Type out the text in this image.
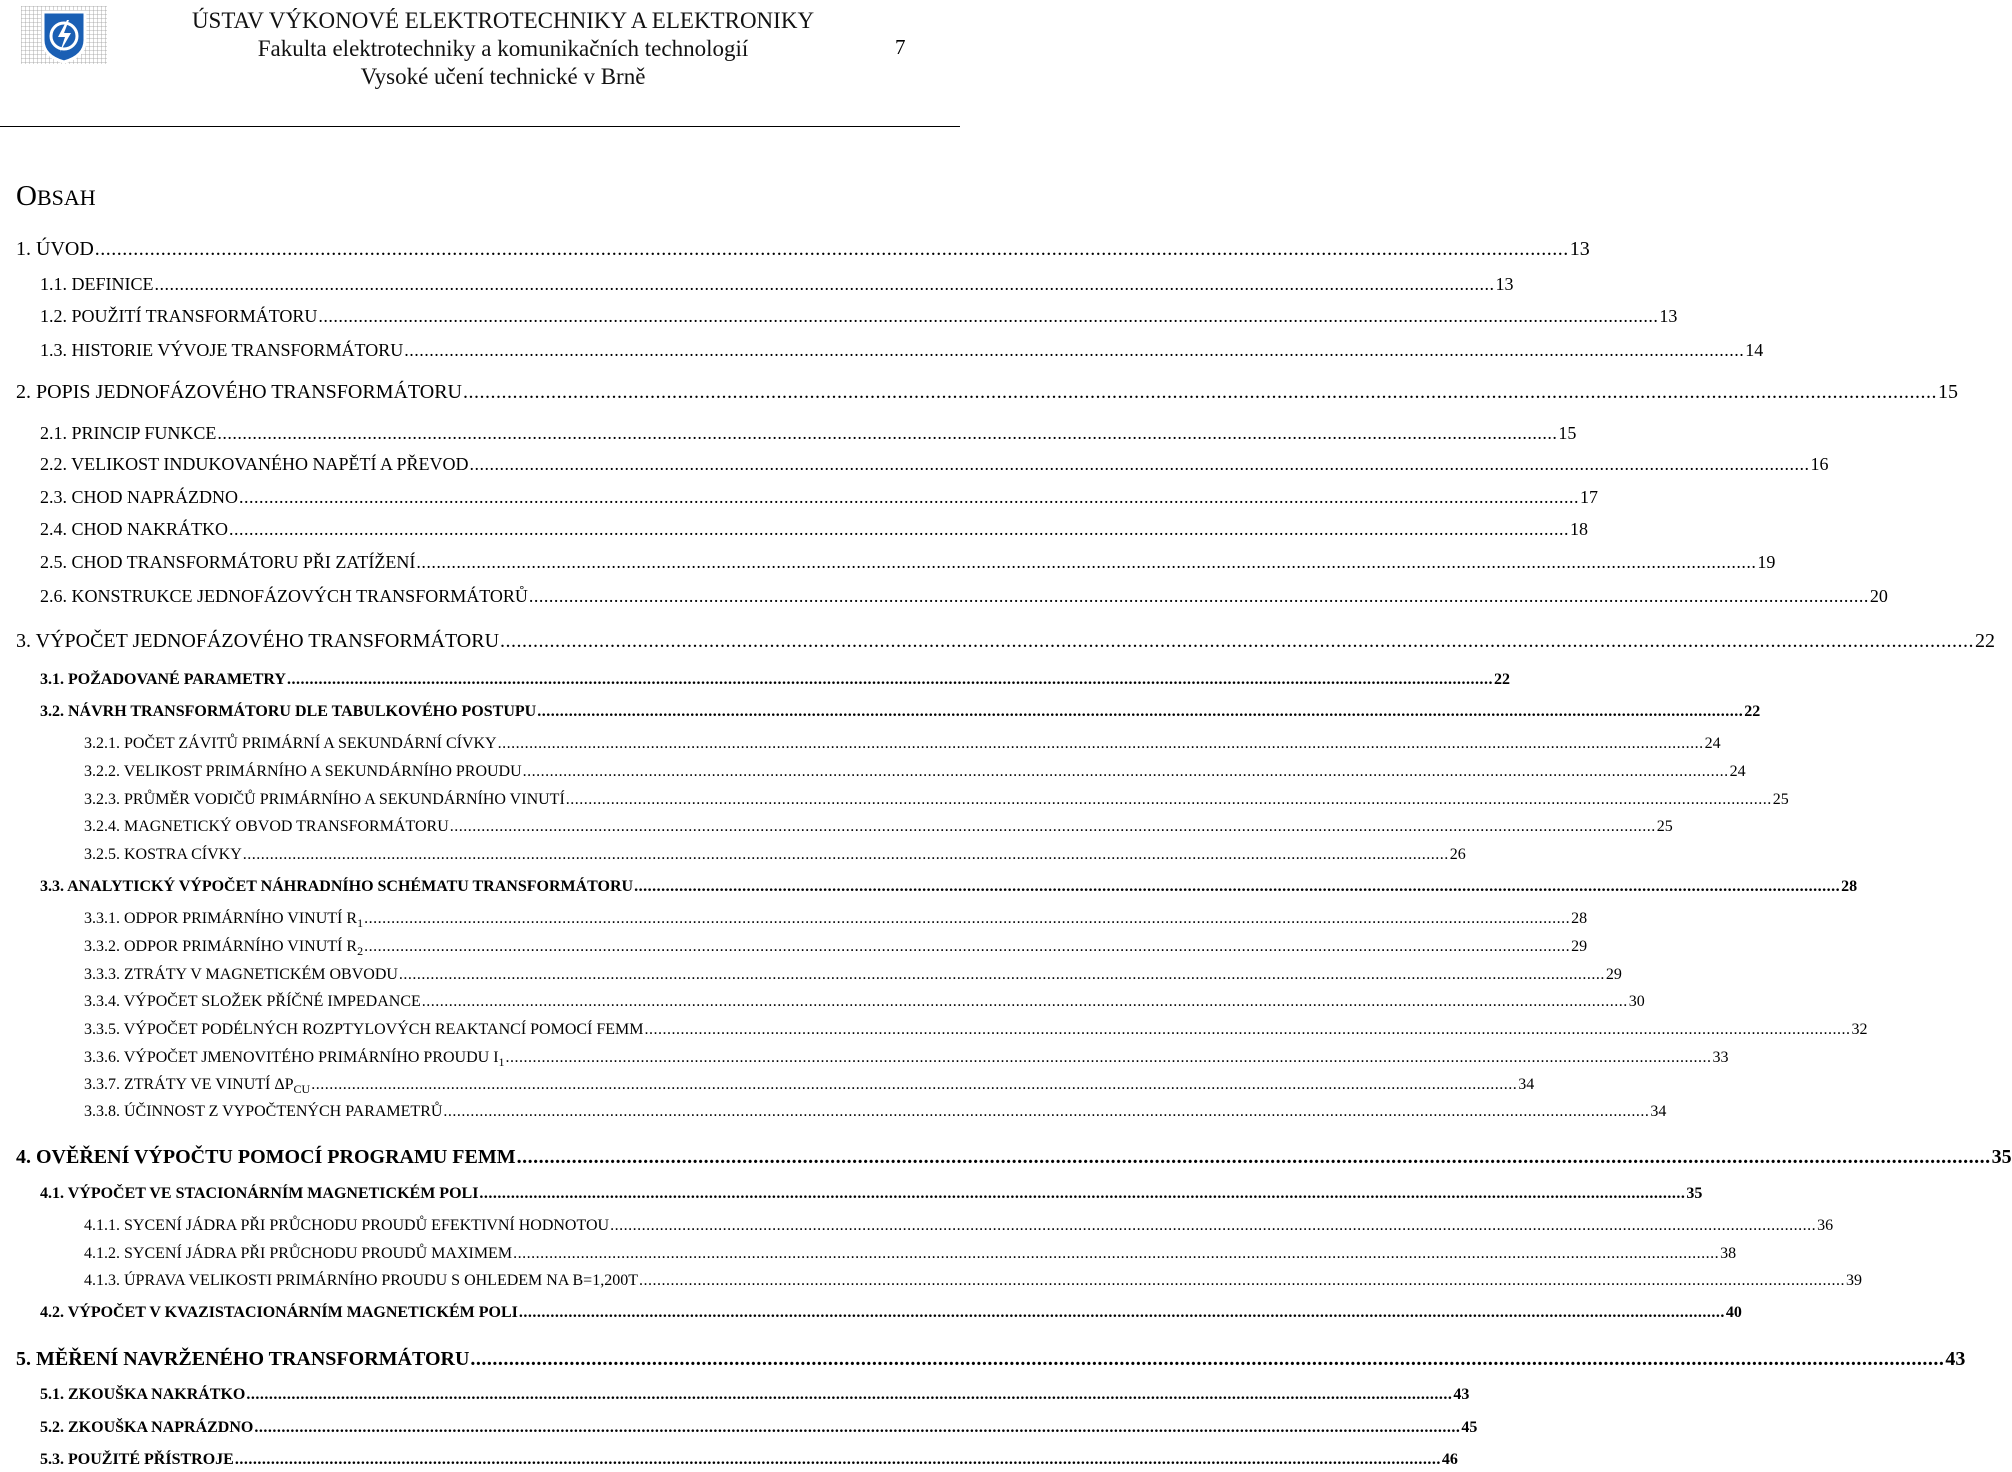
ÚSTAV VÝKONOVÉ ELEKTROTECHNIKY A ELEKTRONIKY
Fakulta elektrotechniky a komunikačních technologií
Vysoké učení technické v Brně
7
OBSAH
1. ÚVOD ............................................................................................................................................................................................................................................................................ 13
1.1. DEFINICE ............................................................................................................................................................................................................................................................................ 13
1.2. POUŽITÍ TRANSFORMÁTORU ............................................................................................................................................................................................................................................................................ 13
1.3. HISTORIE VÝVOJE TRANSFORMÁTORU ............................................................................................................................................................................................................................................................................ 14
2. POPIS JEDNOFÁZOVÉHO TRANSFORMÁTORU ............................................................................................................................................................................................................................................................................ 15
2.1. PRINCIP FUNKCE ............................................................................................................................................................................................................................................................................ 15
2.2. VELIKOST INDUKOVANÉHO NAPĚTÍ A PŘEVOD ............................................................................................................................................................................................................................................................................ 16
2.3. CHOD NAPRÁZDNO ............................................................................................................................................................................................................................................................................ 17
2.4. CHOD NAKRÁTKO ............................................................................................................................................................................................................................................................................ 18
2.5. CHOD TRANSFORMÁTORU PŘI ZATÍŽENÍ ............................................................................................................................................................................................................................................................................ 19
2.6. KONSTRUKCE JEDNOFÁZOVÝCH TRANSFORMÁTORŮ ............................................................................................................................................................................................................................................................................ 20
3. VÝPOČET JEDNOFÁZOVÉHO TRANSFORMÁTORU ............................................................................................................................................................................................................................................................................ 22
3.1. POŽADOVANÉ PARAMETRY ............................................................................................................................................................................................................................................................................ 22
3.2. NÁVRH TRANSFORMÁTORU DLE TABULKOVÉHO POSTUPU ............................................................................................................................................................................................................................................................................ 22
3.2.1. POČET ZÁVITŮ PRIMÁRNÍ A SEKUNDÁRNÍ CÍVKY ............................................................................................................................................................................................................................................................................ 24
3.2.2. VELIKOST PRIMÁRNÍHO A SEKUNDÁRNÍHO PROUDU ............................................................................................................................................................................................................................................................................ 24
3.2.3. PRŮMĚR VODIČŮ PRIMÁRNÍHO A SEKUNDÁRNÍHO VINUTÍ ............................................................................................................................................................................................................................................................................ 25
3.2.4. MAGNETICKÝ OBVOD TRANSFORMÁTORU ............................................................................................................................................................................................................................................................................ 25
3.2.5. KOSTRA CÍVKY ............................................................................................................................................................................................................................................................................ 26
3.3. ANALYTICKÝ VÝPOČET NÁHRADNÍHO SCHÉMATU TRANSFORMÁTORU ............................................................................................................................................................................................................................................................................ 28
3.3.1. ODPOR PRIMÁRNÍHO VINUTÍ $R_1$ ............................................................................................................................................................................................................................................................................ 28
3.3.2. ODPOR PRIMÁRNÍHO VINUTÍ $R_2$ ............................................................................................................................................................................................................................................................................ 29
3.3.3. ZTRÁTY V MAGNETICKÉM OBVODU ............................................................................................................................................................................................................................................................................ 29
3.3.4. VÝPOČET SLOŽEK PŘÍČNÉ IMPEDANCE ............................................................................................................................................................................................................................................................................ 30
3.3.5. VÝPOČET PODÉLNÝCH ROZPTYLOVÝCH REAKTANCÍ POMOCÍ FEMM ............................................................................................................................................................................................................................................................................ 32
3.3.6. VÝPOČET JMENOVITÉHO PRIMÁRNÍHO PROUDU $I_1$ ............................................................................................................................................................................................................................................................................ 33
3.3.7. ZTRÁTY VE VINUTÍ $\Delta P_{CU}$ ............................................................................................................................................................................................................................................................................ 34
3.3.8. ÚČINNOST Z VYPOČTENÝCH PARAMETRŮ ............................................................................................................................................................................................................................................................................ 34
4. OVĚŘENÍ VÝPOČTU POMOCÍ PROGRAMU FEMM ............................................................................................................................................................................................................................................................................ 35
4.1. VÝPOČET VE STACIONÁRNÍM MAGNETICKÉM POLI ............................................................................................................................................................................................................................................................................ 35
4.1.1. SYCENÍ JÁDRA PŘI PRŮCHODU PROUDŮ EFEKTIVNÍ HODNOTOU ............................................................................................................................................................................................................................................................................ 36
4.1.2. SYCENÍ JÁDRA PŘI PRŮCHODU PROUDŮ MAXIMEM ............................................................................................................................................................................................................................................................................ 38
4.1.3. ÚPRAVA VELIKOSTI PRIMÁRNÍHO PROUDU S OHLEDEM NA B=1,200T ............................................................................................................................................................................................................................................................................ 39
4.2. VÝPOČET V KVAZISTACIONÁRNÍM MAGNETICKÉM POLI ............................................................................................................................................................................................................................................................................ 40
5. MĚŘENÍ NAVRŽENÉHO TRANSFORMÁTORU ............................................................................................................................................................................................................................................................................ 43
5.1. ZKOUŠKA NAKRÁTKO ............................................................................................................................................................................................................................................................................ 43
5.2. ZKOUŠKA NAPRÁZDNO ............................................................................................................................................................................................................................................................................ 45
5.3. POUŽITÉ PŘÍSTROJE ............................................................................................................................................................................................................................................................................ 46
